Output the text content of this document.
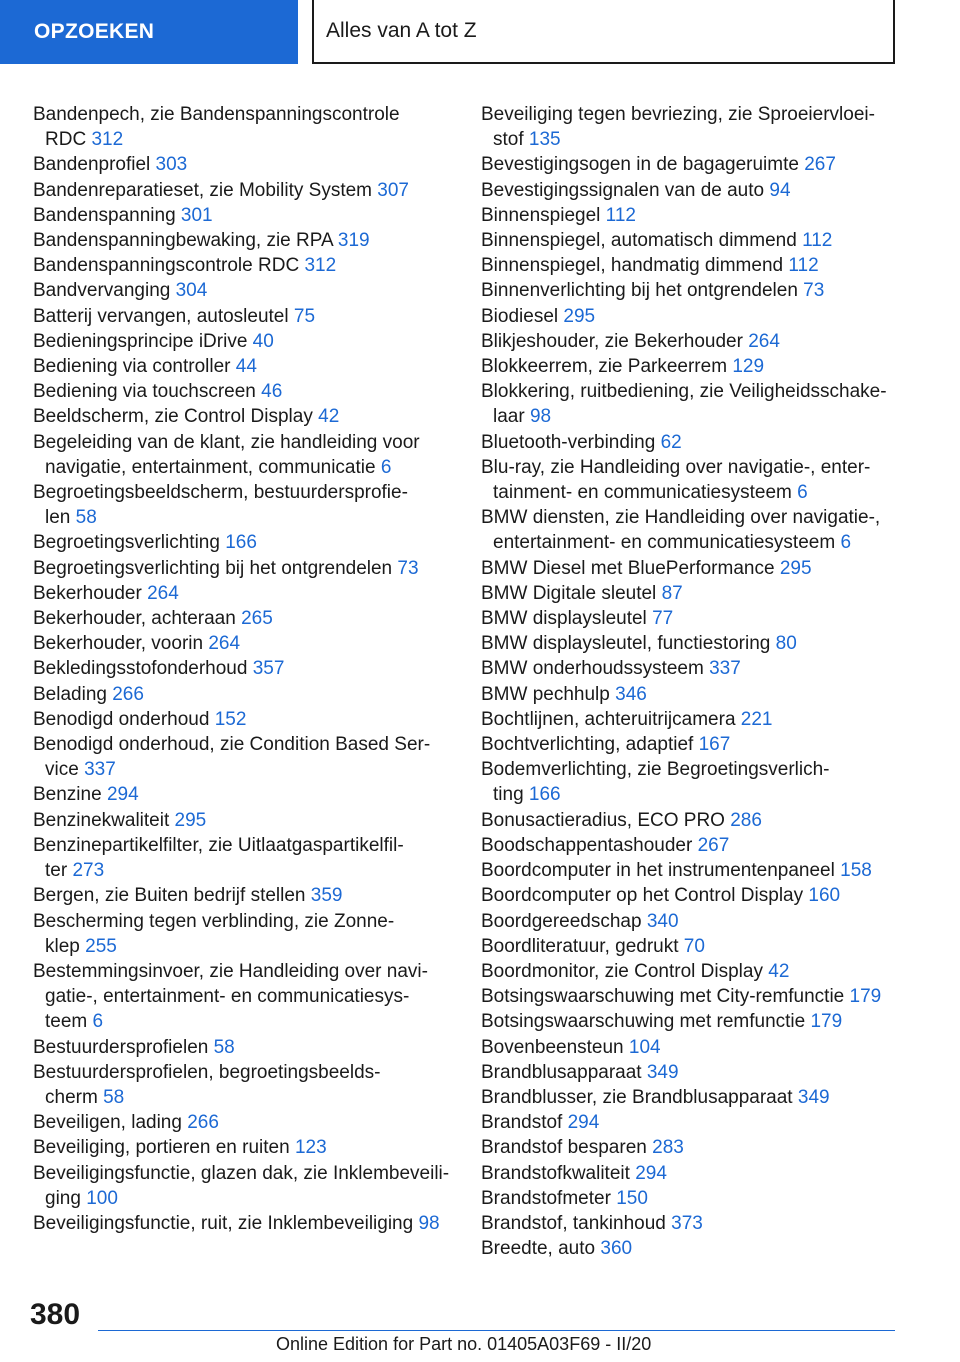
OPZOEKEN	Alles van A tot Z
Bandenpech, zie Bandenspanningscontrole
RDC 312
Bandenprofiel 303
Bandenreparatieset, zie Mobility System 307
Bandenspanning 301
Bandenspanningbewaking, zie RPA 319
Bandenspanningscontrole RDC 312
Bandvervanging 304
Batterij vervangen, autosleutel 75
Bedieningsprincipe iDrive 40
Bediening via controller 44
Bediening via touchscreen 46
Beeldscherm, zie Control Display 42
Begeleiding van de klant, zie handleiding voor
navigatie, entertainment, communicatie 6
Begroetingsbeeldscherm, bestuurdersprofie-
len 58
Begroetingsverlichting 166
Begroetingsverlichting bij het ontgrendelen 73
Bekerhouder 264
Bekerhouder, achteraan 265
Bekerhouder, voorin 264
Bekledingsstofonderhoud 357
Belading 266
Benodigd onderhoud 152
Benodigd onderhoud, zie Condition Based Ser-
vice 337
Benzine 294
Benzinekwaliteit 295
Benzinepartikelfilter, zie Uitlaatgaspartikelfil-
ter 273
Bergen, zie Buiten bedrijf stellen 359
Bescherming tegen verblinding, zie Zonne-
klep 255
Bestemmingsinvoer, zie Handleiding over navi-
gatie-, entertainment- en communicatiesys-
teem 6
Bestuurdersprofielen 58
Bestuurdersprofielen, begroetingsbeelds-
cherm 58
Beveiligen, lading 266
Beveiliging, portieren en ruiten 123
Beveiligingsfunctie, glazen dak, zie Inklembeveili-
ging 100
Beveiligingsfunctie, ruit, zie Inklembeveiliging 98
Beveiliging tegen bevriezing, zie Sproeiervloei-
stof 135
Bevestigingsogen in de bagageruimte 267
Bevestigingssignalen van de auto 94
Binnenspiegel 112
Binnenspiegel, automatisch dimmend 112
Binnenspiegel, handmatig dimmend 112
Binnenverlichting bij het ontgrendelen 73
Biodiesel 295
Blikjeshouder, zie Bekerhouder 264
Blokkeerrem, zie Parkeerrem 129
Blokkering, ruitbediening, zie Veiligheidsschake-
laar 98
Bluetooth-verbinding 62
Blu-ray, zie Handleiding over navigatie-, enter-
tainment- en communicatiesysteem 6
BMW diensten, zie Handleiding over navigatie-,
entertainment- en communicatiesysteem 6
BMW Diesel met BluePerformance 295
BMW Digitale sleutel 87
BMW displaysleutel 77
BMW displaysleutel, functiestoring 80
BMW onderhoudssysteem 337
BMW pechhulp 346
Bochtlijnen, achteruitrijcamera 221
Bochtverlichting, adaptief 167
Bodemverlichting, zie Begroetingsverlich-
ting 166
Bonusactieradius, ECO PRO 286
Boodschappentashouder 267
Boordcomputer in het instrumentenpaneel 158
Boordcomputer op het Control Display 160
Boordgereedschap 340
Boordliteratuur, gedrukt 70
Boordmonitor, zie Control Display 42
Botsingswaarschuwing met City-remfunctie 179
Botsingswaarschuwing met remfunctie 179
Bovenbeensteun 104
Brandblusapparaat 349
Brandblusser, zie Brandblusapparaat 349
Brandstof 294
Brandstof besparen 283
Brandstofkwaliteit 294
Brandstofmeter 150
Brandstof, tankinhoud 373
Breedte, auto 360
380
Online Edition for Part no. 01405A03F69 - II/20
